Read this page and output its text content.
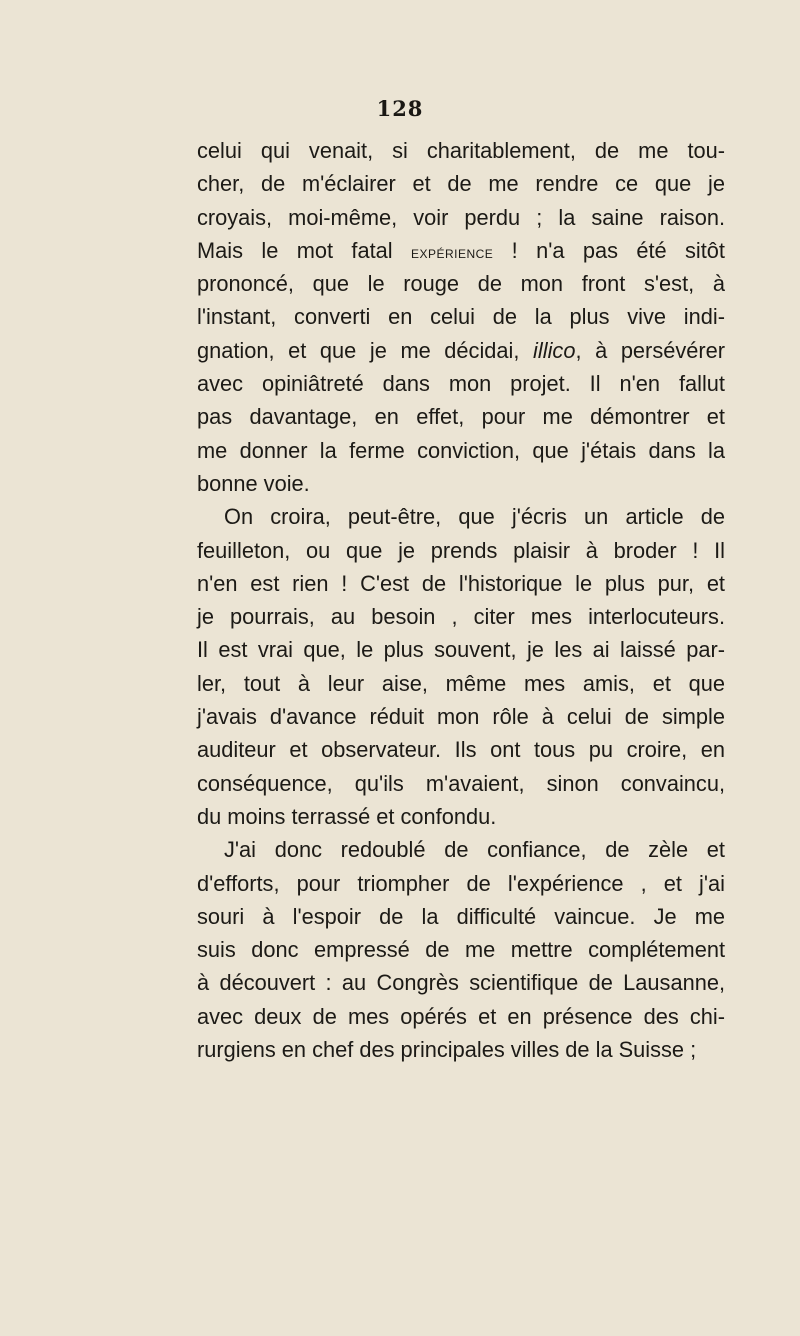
128
celui qui venait, si charitablement, de me tou-
cher, de m'éclairer et de me rendre ce que je
croyais, moi-même, voir perdu ; la saine raison.
Mais le mot fatal expérience ! n'a pas été sitôt
prononcé, que le rouge de mon front s'est, à
l'instant, converti en celui de la plus vive indi-
gnation, et que je me décidai, illico, à persévérer
avec opiniâtreté dans mon projet. Il n'en fallut
pas davantage, en effet, pour me démontrer et
me donner la ferme conviction, que j'étais dans la
bonne voie.
On croira, peut-être, que j'écris un article de
feuilleton, ou que je prends plaisir à broder ! Il
n'en est rien ! C'est de l'historique le plus pur, et
je pourrais, au besoin , citer mes interlocuteurs.
Il est vrai que, le plus souvent, je les ai laissé par-
ler, tout à leur aise, même mes amis, et que
j'avais d'avance réduit mon rôle à celui de simple
auditeur et observateur. Ils ont tous pu croire, en
conséquence, qu'ils m'avaient, sinon convaincu,
du moins terrassé et confondu.
J'ai donc redoublé de confiance, de zèle et
d'efforts, pour triompher de l'expérience , et j'ai
souri à l'espoir de la difficulté vaincue. Je me
suis donc empressé de me mettre complétement
à découvert : au Congrès scientifique de Lausanne,
avec deux de mes opérés et en présence des chi-
rurgiens en chef des principales villes de la Suisse ;
